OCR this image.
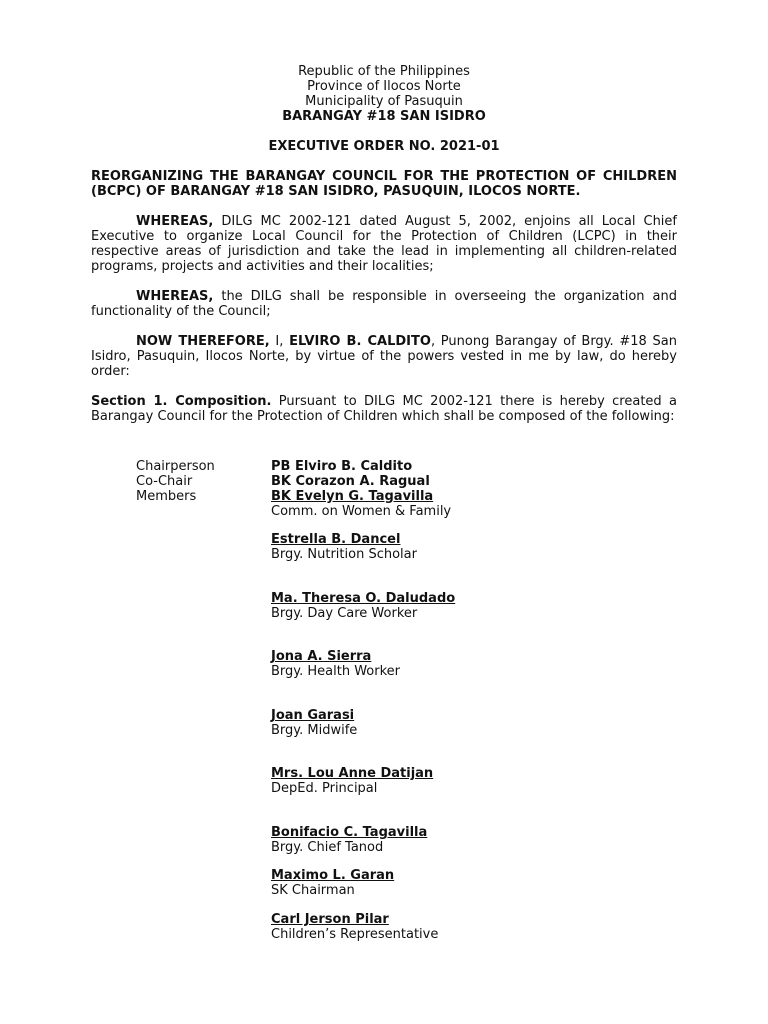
Republic of the Philippines
Province of Ilocos Norte
Municipality of Pasuquin
BARANGAY #18 SAN ISIDRO
EXECUTIVE ORDER NO. 2021-01
REORGANIZING THE BARANGAY COUNCIL FOR THE PROTECTION OF CHILDREN (BCPC) OF BARANGAY #18 SAN ISIDRO, PASUQUIN, ILOCOS NORTE.
WHEREAS, DILG MC 2002-121 dated August 5, 2002, enjoins all Local Chief Executive to organize Local Council for the Protection of Children (LCPC) in their respective areas of jurisdiction and take the lead in implementing all children-related programs, projects and activities and their localities;
WHEREAS, the DILG shall be responsible in overseeing the organization and functionality of the Council;
NOW THEREFORE, I, ELVIRO B. CALDITO, Punong Barangay of Brgy. #18 San Isidro, Pasuquin, Ilocos Norte, by virtue of the powers vested in me by law, do hereby order:
Section 1. Composition. Pursuant to DILG MC 2002-121 there is hereby created a Barangay Council for the Protection of Children which shall be composed of the following:
Chairperson	PB Elviro B. Caldito
Co-Chair	BK Corazon A. Ragual
Members	BK Evelyn G. Tagavilla
Comm. on Women & Family
Estrella B. Dancel
Brgy. Nutrition Scholar
Ma. Theresa O. Daludado
Brgy. Day Care Worker
Jona A. Sierra
Brgy. Health Worker
Joan Garasi
Brgy. Midwife
Mrs. Lou Anne Datijan
DepEd. Principal
Bonifacio C. Tagavilla
Brgy. Chief Tanod
Maximo L. Garan
SK Chairman
Carl Jerson Pilar
Children’s Representative
